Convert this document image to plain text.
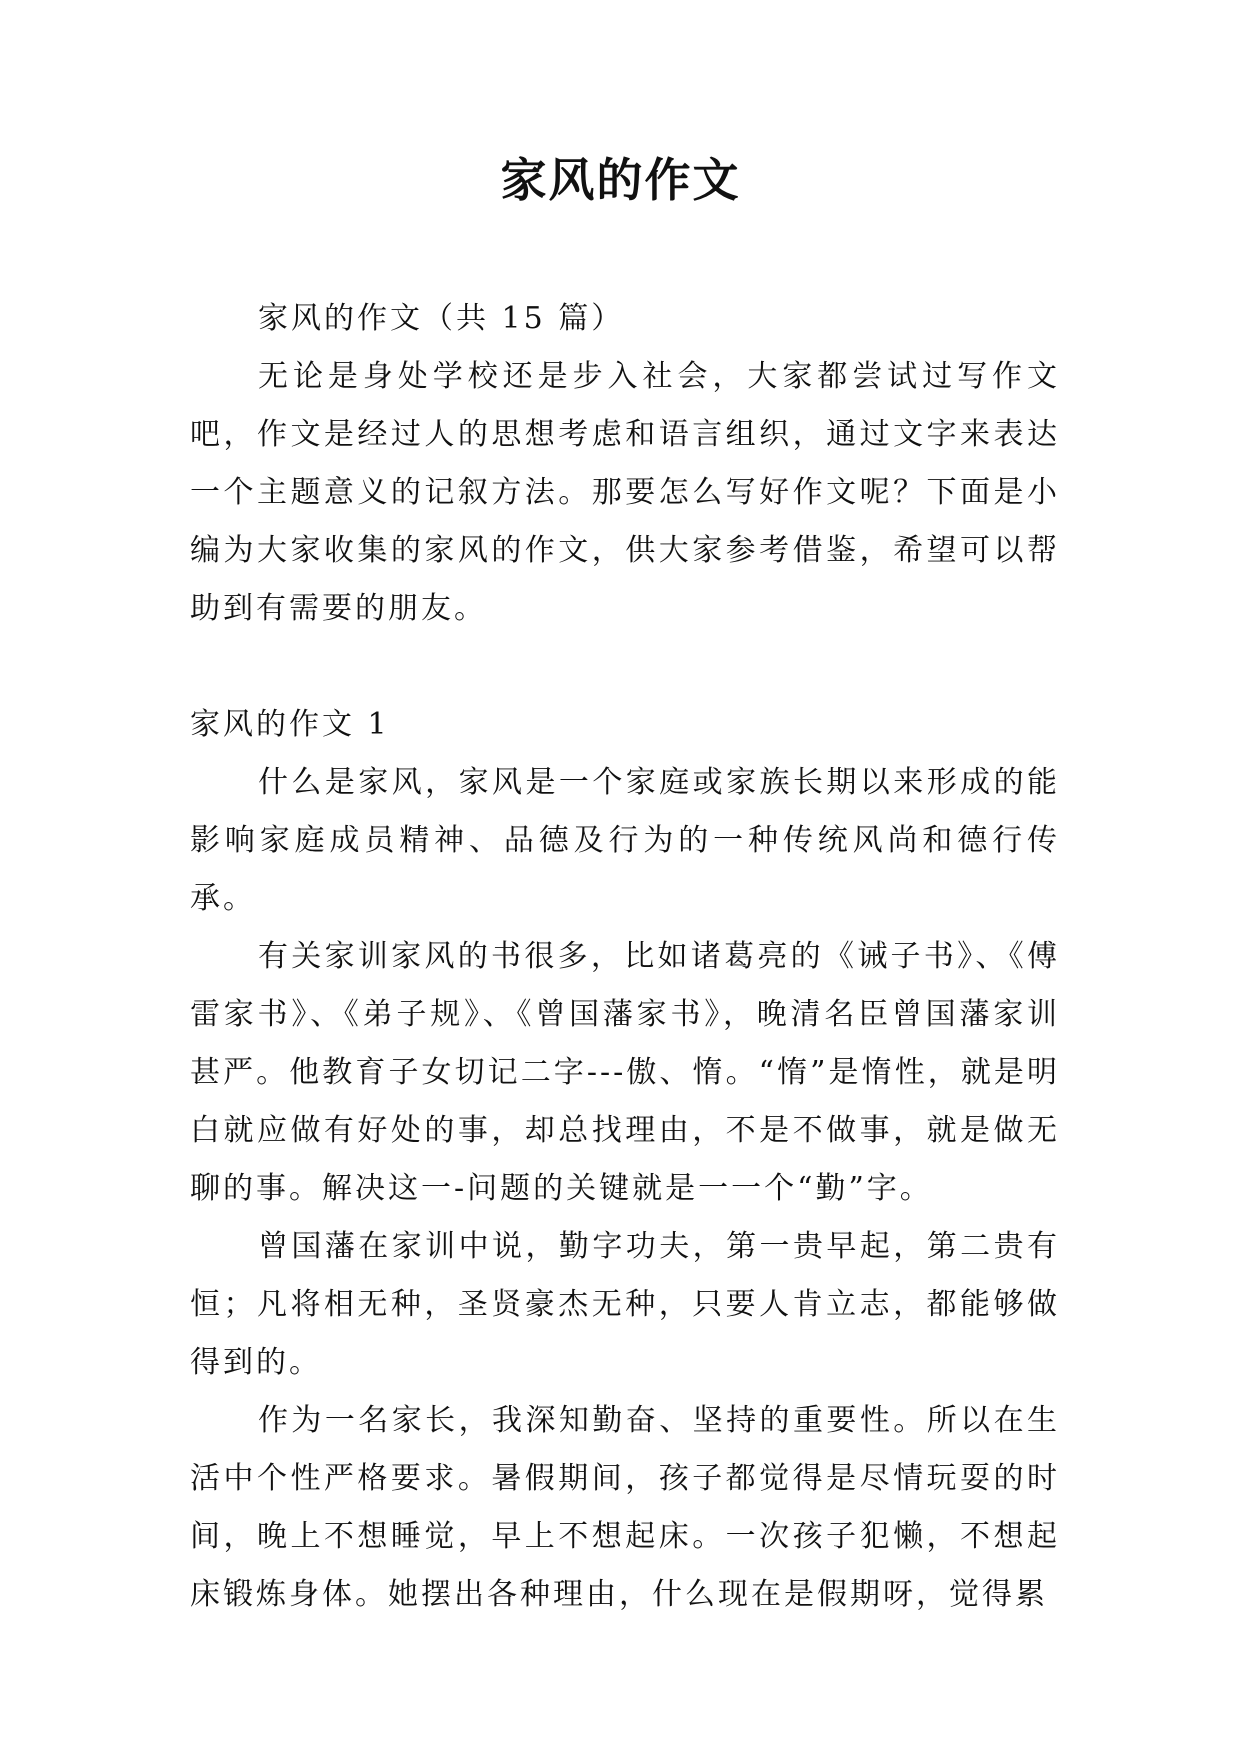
家风的作文

家风的作文（共 15 篇）

无论是身处学校还是步入社会，大家都尝试过写作文吧，作文是经过人的思想考虑和语言组织，通过文字来表达一个主题意义的记叙方法。那要怎么写好作文呢？下面是小编为大家收集的家风的作文，供大家参考借鉴，希望可以帮助到有需要的朋友。

家风的作文 1

什么是家风，家风是一个家庭或家族长期以来形成的能影响家庭成员精神、品德及行为的一种传统风尚和德行传承。

有关家训家风的书很多，比如诸葛亮的《诫子书》、《傅雷家书》、《弟子规》、《曾国藩家书》，晚清名臣曾国藩家训甚严。他教育子女切记二字---傲、惰。“惰”是惰性，就是明白就应做有好处的事，却总找理由，不是不做事，就是做无聊的事。解决这一-问题的关键就是一一个“勤”字。

曾国藩在家训中说，勤字功夫，第一贵早起，第二贵有恒；凡将相无种，圣贤豪杰无种，只要人肯立志，都能够做得到的。

作为一名家长，我深知勤奋、坚持的重要性。所以在生活中个性严格要求。暑假期间，孩子都觉得是尽情玩耍的时间，晚上不想睡觉，早上不想起床。一次孩子犯懒，不想起床锻炼身体。她摆出各种理由，什么现在是假期呀，觉得累
